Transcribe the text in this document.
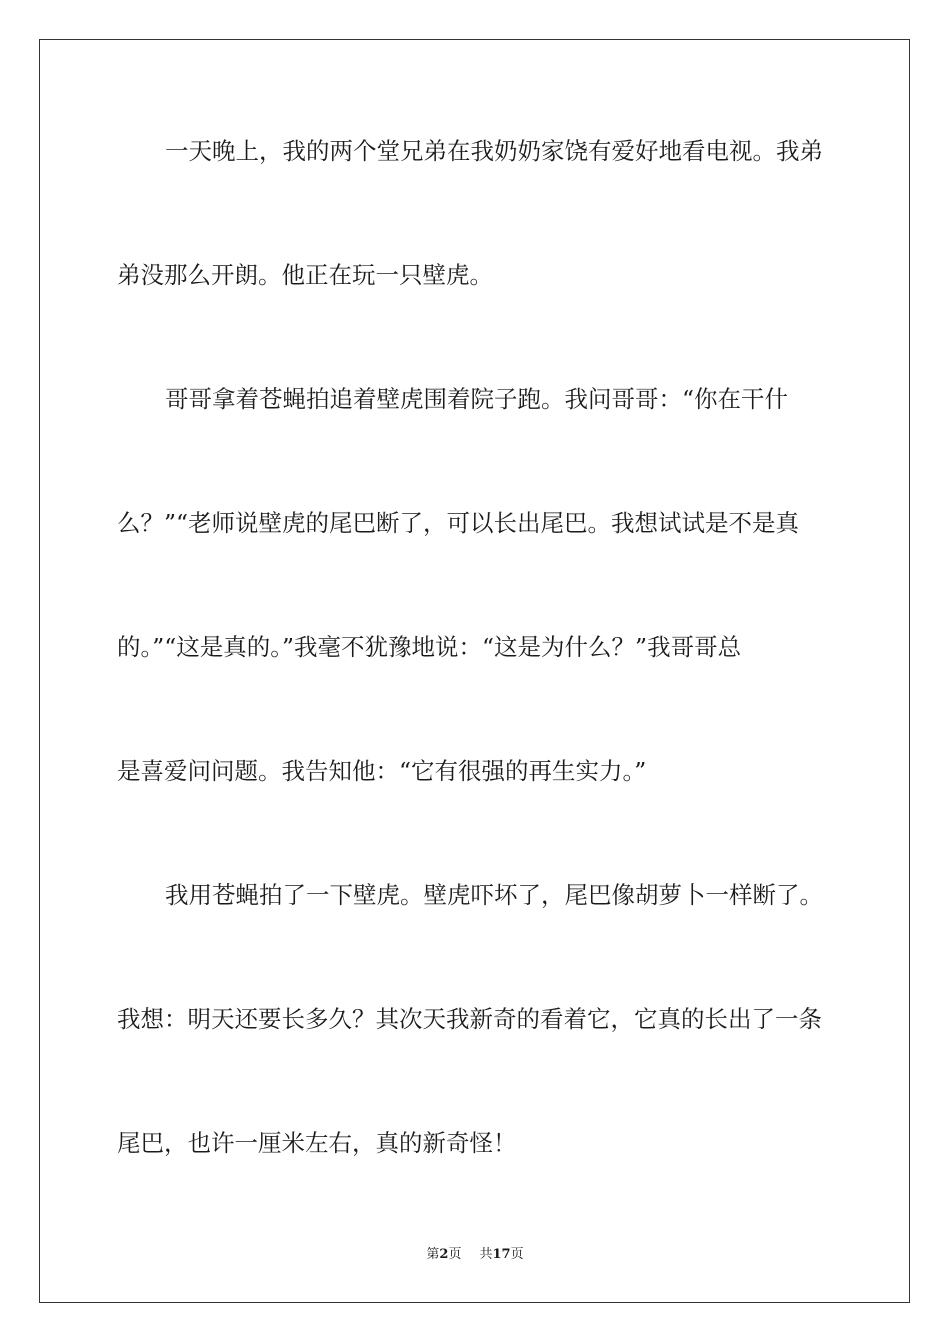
一天晚上，我的两个堂兄弟在我奶奶家饶有爱好地看电视。我弟
弟没那么开朗。他正在玩一只壁虎。
哥哥拿着苍蝇拍追着壁虎围着院子跑。我问哥哥：“你在干什
么？”“老师说壁虎的尾巴断了，可以长出尾巴。我想试试是不是真
的。”“这是真的。”我毫不犹豫地说：“这是为什么？”我哥哥总
是喜爱问问题。我告知他：“它有很强的再生实力。”
我用苍蝇拍了一下壁虎。壁虎吓坏了，尾巴像胡萝卜一样断了。
我想：明天还要长多久？其次天我新奇的看着它，它真的长出了一条
尾巴，也许一厘米左右，真的新奇怪！
第2页 共17页
